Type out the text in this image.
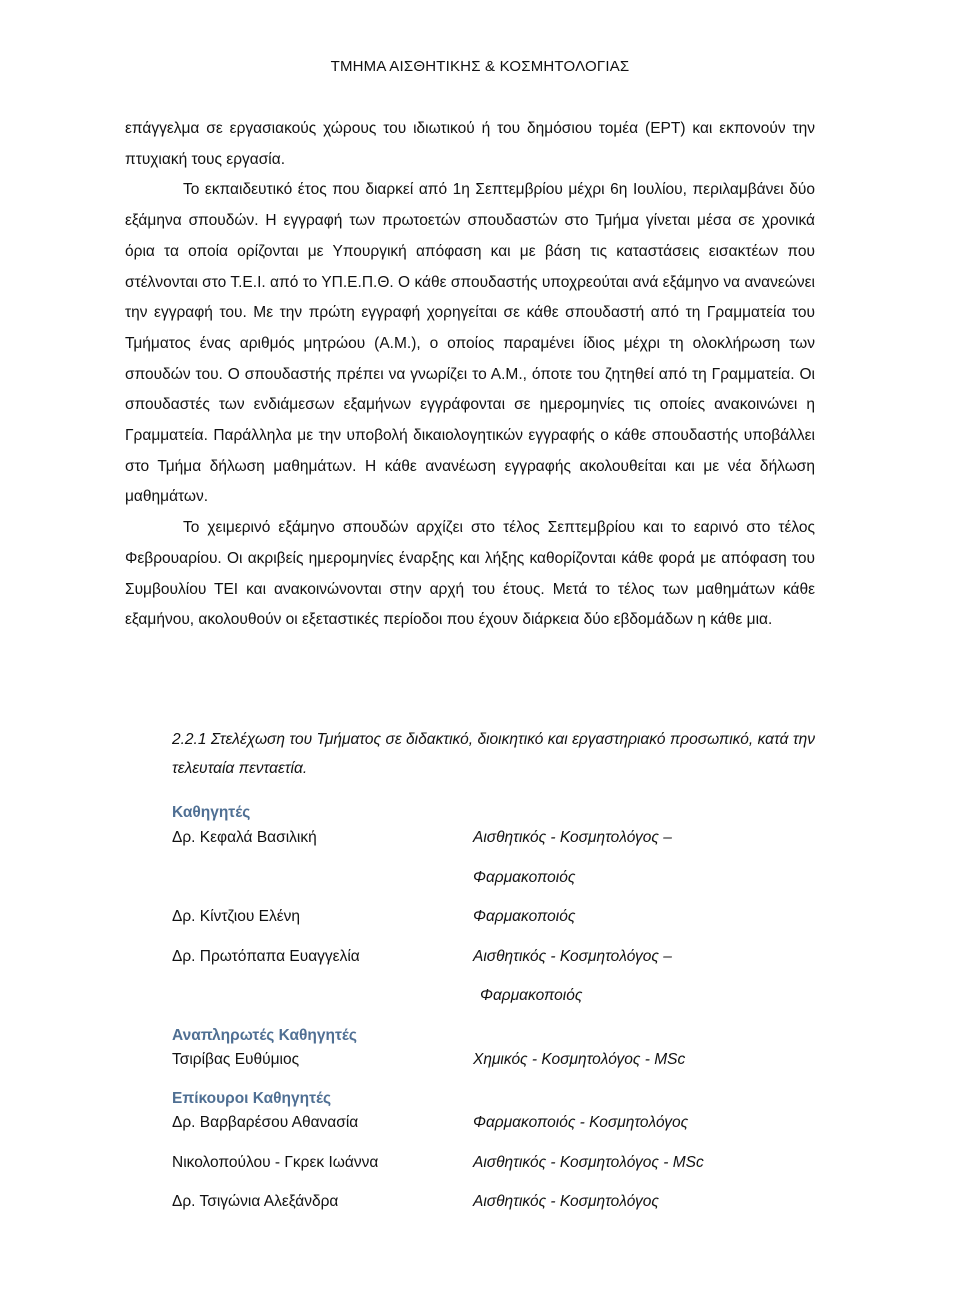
ΤΜΗΜΑ ΑΙΣΘΗΤΙΚΗΣ & ΚΟΣΜΗΤΟΛΟΓΙΑΣ

επάγγελμα σε εργασιακούς χώρους του ιδιωτικού ή του δημόσιου τομέα (ΕΡΤ) και εκπονούν την πτυχιακή τους εργασία.

Το εκπαιδευτικό έτος που διαρκεί από 1η Σεπτεμβρίου μέχρι 6η Ιουλίου, περιλαμβάνει δύο εξάμηνα σπουδών. Η εγγραφή των πρωτοετών σπουδαστών στο Τμήμα γίνεται μέσα σε χρονικά όρια τα οποία ορίζονται με Υπουργική απόφαση και με βάση τις καταστάσεις εισακτέων που στέλνονται στο Τ.Ε.Ι. από το ΥΠ.Ε.Π.Θ. Ο κάθε σπουδαστής υποχρεούται ανά εξάμηνο να ανανεώνει την εγγραφή του. Με την πρώτη εγγραφή χορηγείται σε κάθε σπουδαστή από τη Γραμματεία του Τμήματος ένας αριθμός μητρώου (Α.Μ.), ο οποίος παραμένει ίδιος μέχρι τη ολοκλήρωση των σπουδών του. Ο σπουδαστής πρέπει να γνωρίζει το Α.Μ., όποτε του ζητηθεί από τη Γραμματεία. Οι σπουδαστές των ενδιάμεσων εξαμήνων εγγράφονται σε ημερομηνίες τις οποίες ανακοινώνει η Γραμματεία. Παράλληλα με την υποβολή δικαιολογητικών εγγραφής ο κάθε σπουδαστής υποβάλλει στο Τμήμα δήλωση μαθημάτων. Η κάθε ανανέωση εγγραφής ακολουθείται και με νέα δήλωση μαθημάτων.

Το χειμερινό εξάμηνο σπουδών αρχίζει στο τέλος Σεπτεμβρίου και το εαρινό στο τέλος Φεβρουαρίου. Οι ακριβείς ημερομηνίες έναρξης και λήξης καθορίζονται κάθε φορά με απόφαση του Συμβουλίου ΤΕΙ και ανακοινώνονται στην αρχή του έτους. Μετά το τέλος των μαθημάτων κάθε εξαμήνου, ακολουθούν οι εξεταστικές περίοδοι που έχουν διάρκεια δύο εβδομάδων η κάθε μια.

2.2.1 Στελέχωση του Τμήματος σε διδακτικό, διοικητικό και εργαστηριακό προσωπικό, κατά την τελευταία πενταετία.
Καθηγητές
Δρ. Κεφαλά Βασιλική	Αισθητικός - Κοσμητολόγος –
Φαρμακοποιός
Δρ. Κίντζιου Ελένη	Φαρμακοποιός
Δρ. Πρωτόπαπα Ευαγγελία	Αισθητικός - Κοσμητολόγος –
Φαρμακοποιός
Αναπληρωτές Καθηγητές
Τσιρίβας Ευθύμιος	Χημικός - Κοσμητολόγος - MSc
Επίκουροι Καθηγητές
Δρ. Βαρβαρέσου Αθανασία	Φαρμακοποιός - Κοσμητολόγος
Νικολοπούλου - Γκρεκ Ιωάννα	Αισθητικός - Κοσμητολόγος - MSc
Δρ. Τσιγώνια Αλεξάνδρα	Αισθητικός - Κοσμητολόγος
